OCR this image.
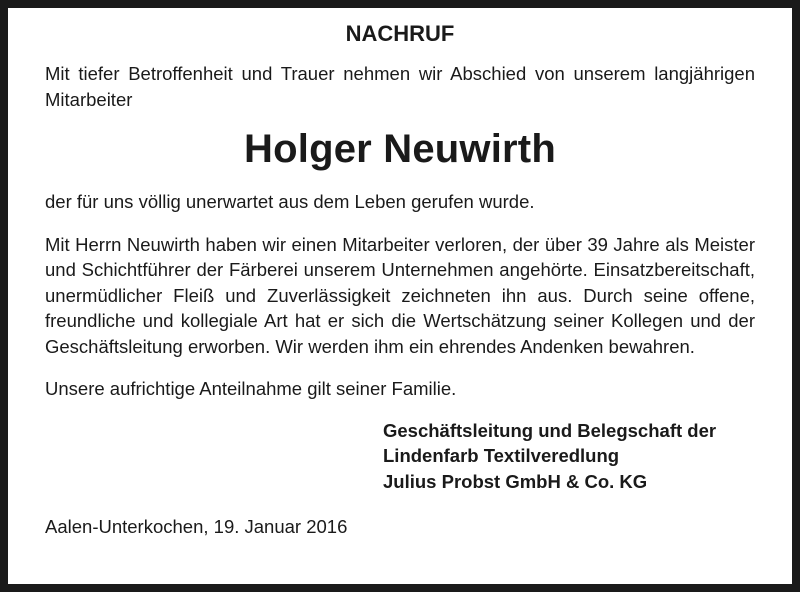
NACHRUF

Mit tiefer Betroffenheit und Trauer nehmen wir Abschied von unserem langjährigen Mitarbeiter

Holger Neuwirth

der für uns völlig unerwartet aus dem Leben gerufen wurde.

Mit Herrn Neuwirth haben wir einen Mitarbeiter verloren, der über 39 Jahre als Meister und Schichtführer der Färberei unserem Unternehmen angehörte. Einsatzbereitschaft, unermüdlicher Fleiß und Zuverlässigkeit zeichneten ihn aus. Durch seine offene, freundliche und kollegiale Art hat er sich die Wertschätzung seiner Kollegen und der Geschäftsleitung erworben. Wir werden ihm ein ehrendes Andenken bewahren.

Unsere aufrichtige Anteilnahme gilt seiner Familie.

Geschäftsleitung und Belegschaft der
Lindenfarb Textilveredlung
Julius Probst GmbH & Co. KG
Aalen-Unterkochen, 19. Januar 2016
